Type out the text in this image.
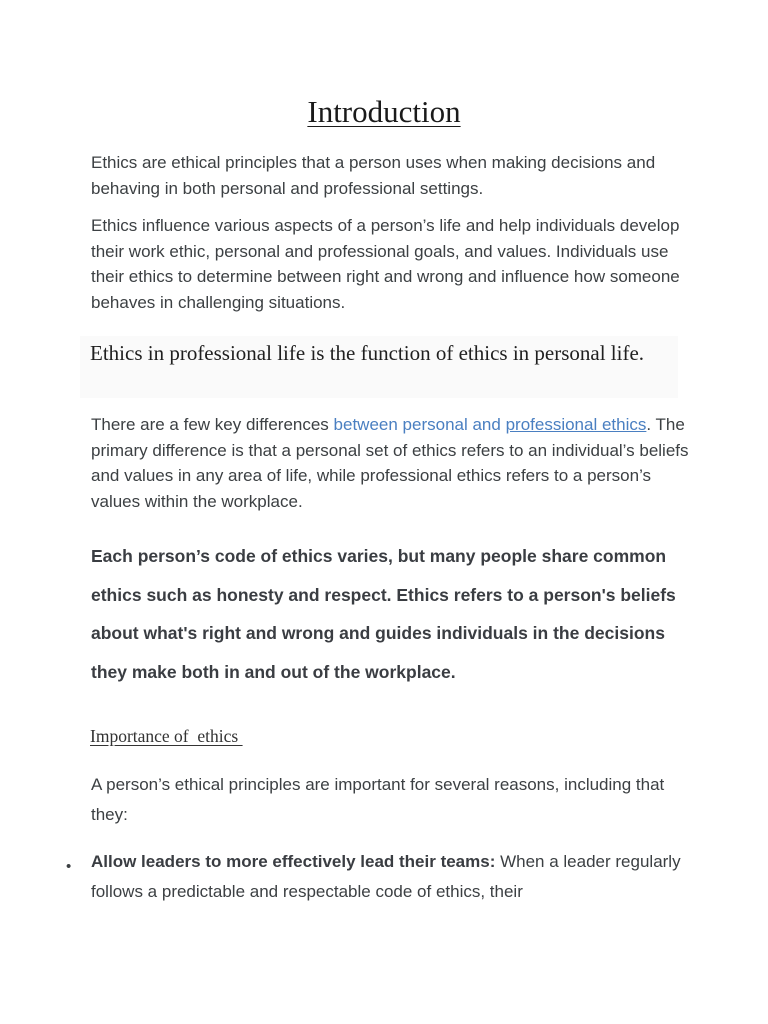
Introduction

Ethics are ethical principles that a person uses when making decisions and behaving in both personal and professional settings.

Ethics influence various aspects of a person’s life and help individuals develop their work ethic, personal and professional goals, and values. Individuals use their ethics to determine between right and wrong and influence how someone behaves in challenging situations.

Ethics in professional life is the function of ethics in personal life.

There are a few key differences between personal and professional ethics. The primary difference is that a personal set of ethics refers to an individual’s beliefs and values in any area of life, while professional ethics refers to a person’s values within the workplace.

Each person’s code of ethics varies, but many people share common ethics such as honesty and respect. Ethics refers to a person's beliefs about what's right and wrong and guides individuals in the decisions they make both in and out of the workplace.

Importance of  ethics

A person’s ethical principles are important for several reasons, including that they:

• Allow leaders to more effectively lead their teams: When a leader regularly follows a predictable and respectable code of ethics, their
